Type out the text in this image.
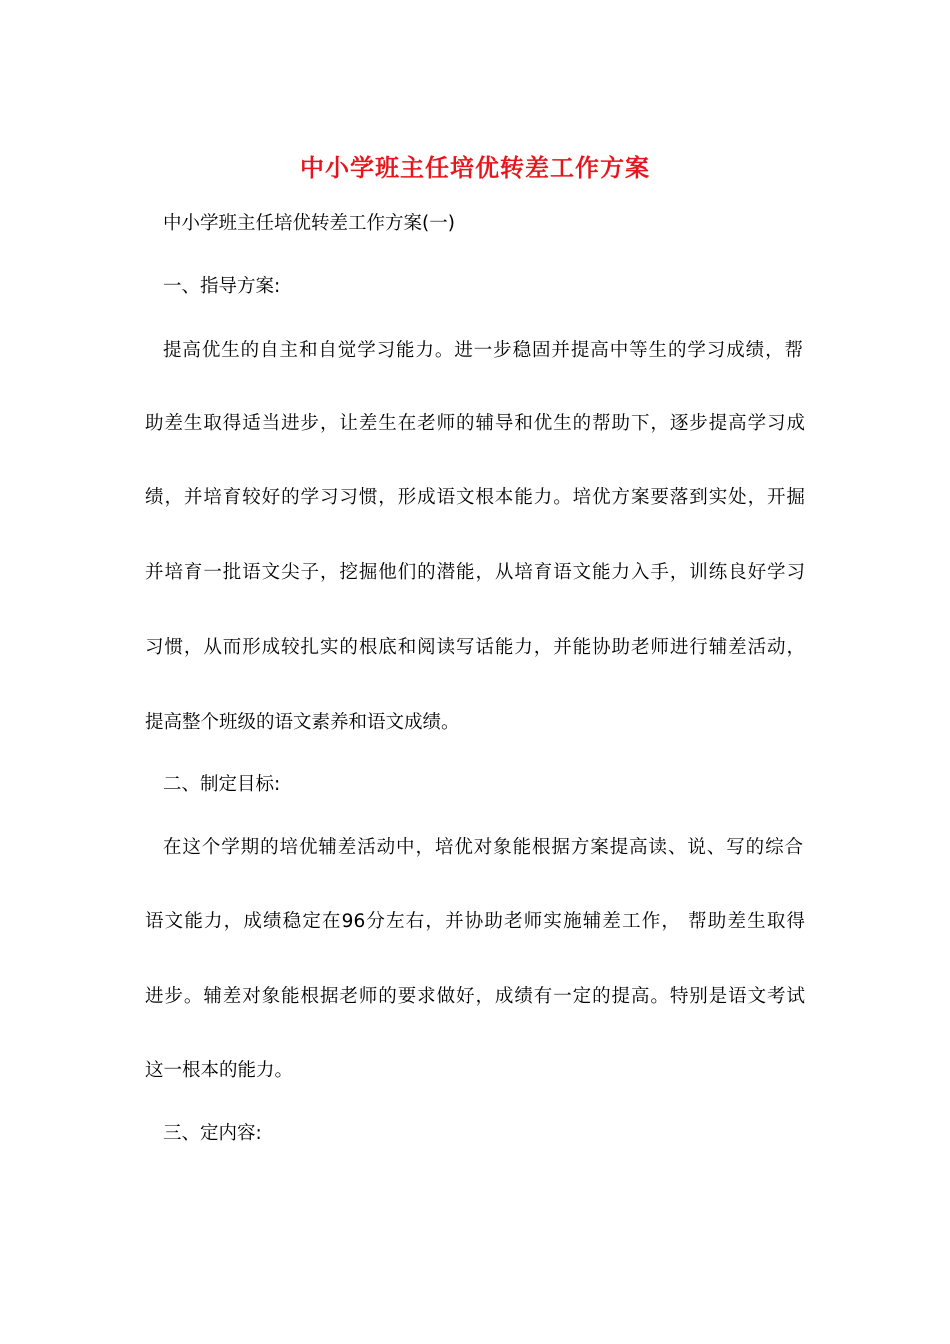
中小学班主任培优转差工作方案
中小学班主任培优转差工作方案(一)
一、指导方案:
提高优生的自主和自觉学习能力。进一步稳固并提高中等生的学习成绩，帮
助差生取得适当进步，让差生在老师的辅导和优生的帮助下，逐步提高学习成
绩，并培育较好的学习习惯，形成语文根本能力。培优方案要落到实处，开掘
并培育一批语文尖子，挖掘他们的潜能，从培育语文能力入手，训练良好学习
习惯，从而形成较扎实的根底和阅读写话能力，并能协助老师进行辅差活动，
提高整个班级的语文素养和语文成绩。
二、制定目标:
在这个学期的培优辅差活动中，培优对象能根据方案提高读、说、写的综合
语文能力，成绩稳定在96分左右，并协助老师实施辅差工作， 帮助差生取得
进步。辅差对象能根据老师的要求做好，成绩有一定的提高。特别是语文考试
这一根本的能力。
三、定内容:
